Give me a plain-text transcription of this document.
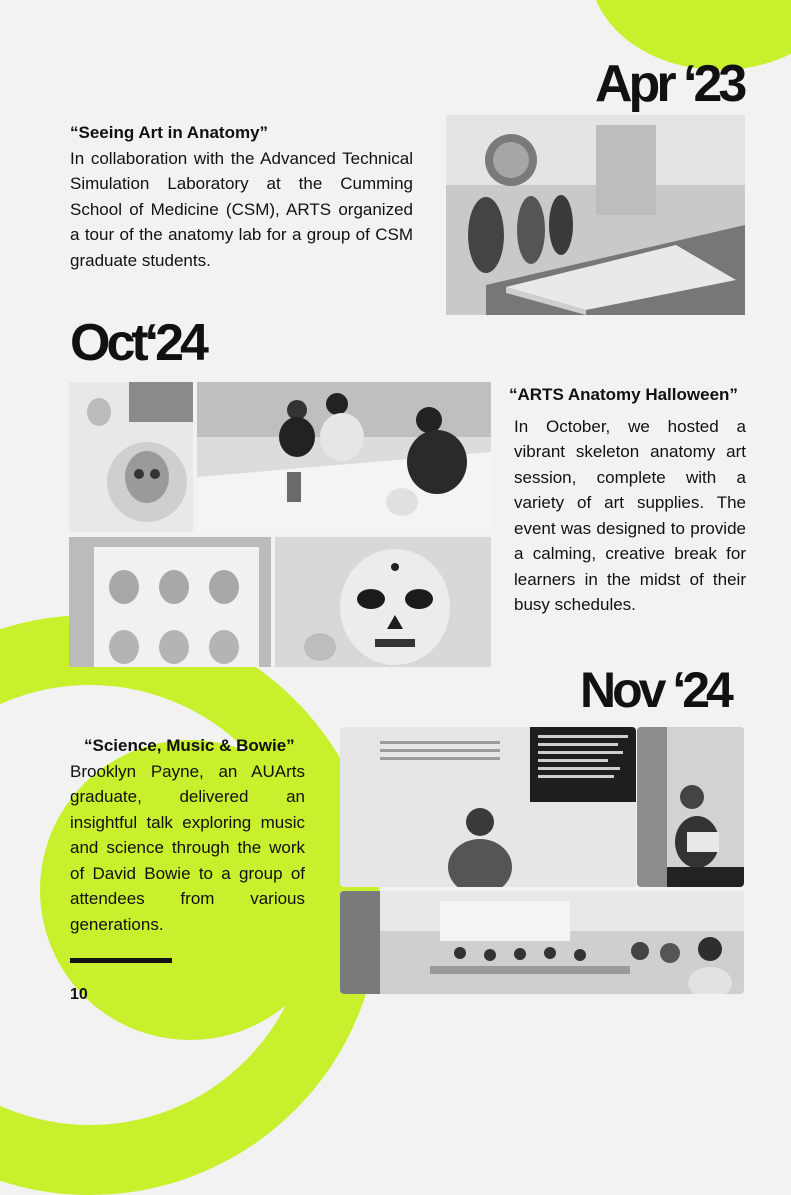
Apr ‘23
“Seeing Art in Anatomy”
In collaboration with the Advanced Technical Simulation Laboratory at the Cumming School of Medicine (CSM), ARTS organized a tour of the anatomy lab for a group of CSM graduate students.
Oct‘24
“ARTS Anatomy Halloween”
In October, we hosted a vibrant skeleton anatomy art session, complete with a variety of art supplies. The event was designed to provide a calming, creative break for learners in the midst of their busy schedules.
Nov ‘24
“Science, Music & Bowie”
Brooklyn Payne, an AUArts graduate, delivered an insightful talk exploring music and science through the work of David Bowie to a group of attendees from various generations.
10
